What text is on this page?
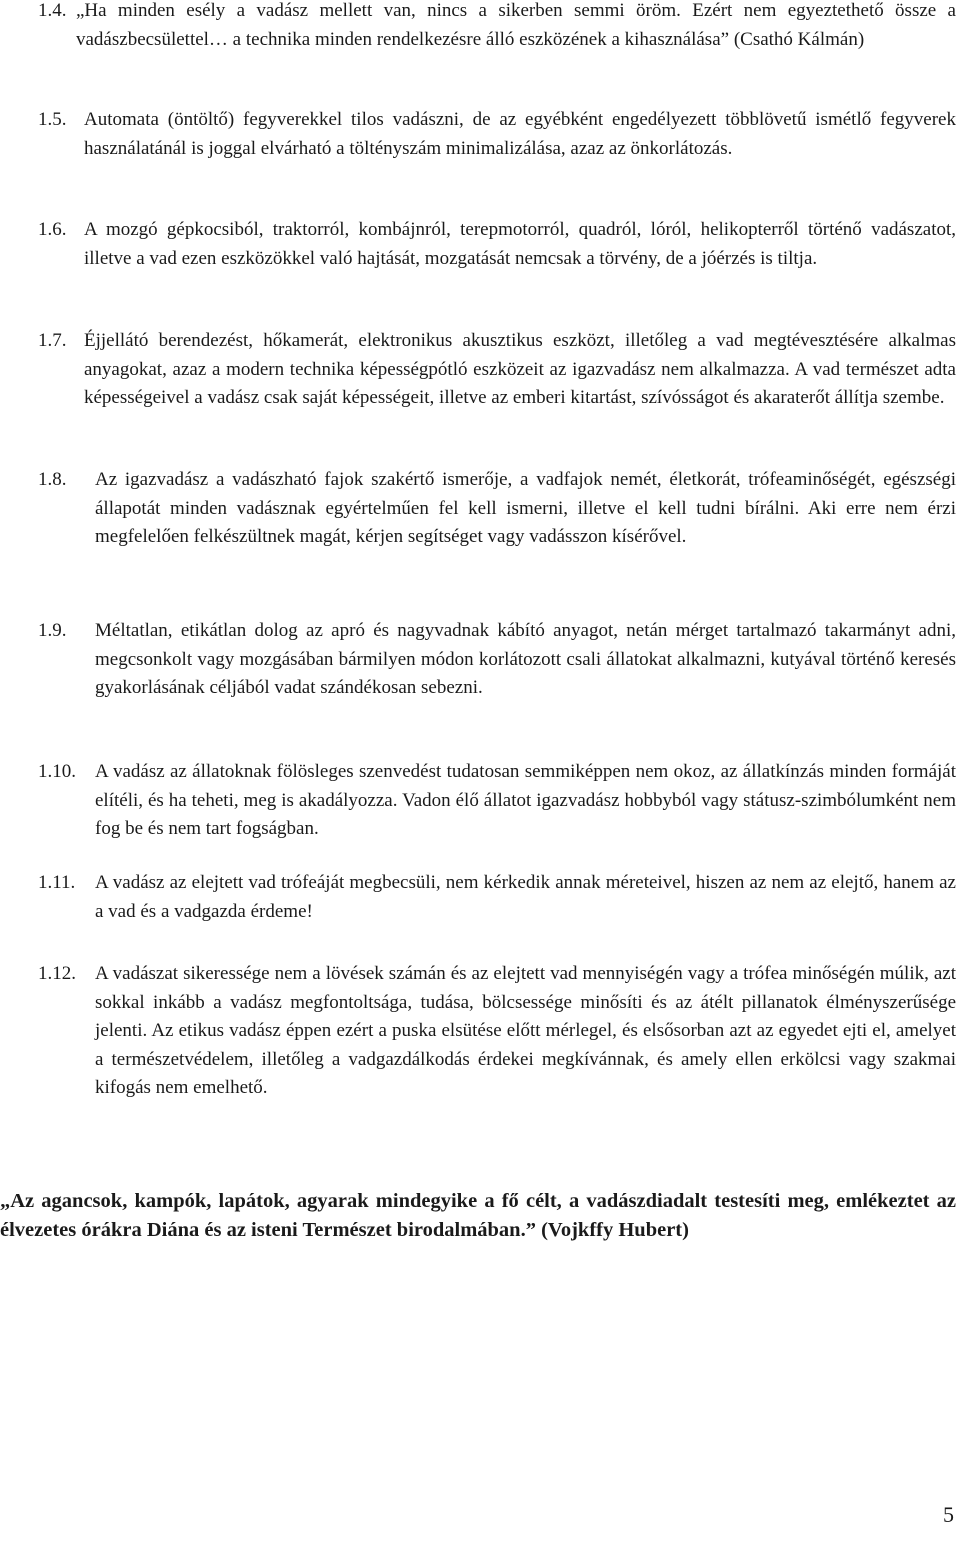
1.4. „Ha minden esély a vadász mellett van, nincs a sikerben semmi öröm. Ezért nem egyeztethető össze a vadászbecsülettel… a technika minden rendelkezésre álló eszközének a kihasználása” (Csathó Kálmán)
1.5. Automata (öntöltő) fegyverekkel tilos vadászni, de az egyébként engedélyezett többlövetű ismétlő fegyverek használatánál is joggal elvárható a töltényszám minimalizálása, azaz az önkorlátozás.
1.6. A mozgó gépkocsiból, traktorról, kombájnról, terepmotorról, quadról, lóról, helikopterről történő vadászatot, illetve a vad ezen eszközökkel való hajtását, mozgatását nemcsak a törvény, de a jóérzés is tiltja.
1.7. Éjjellátó berendezést, hőkamerát, elektronikus akusztikus eszközt, illetőleg a vad megtévesztésére alkalmas anyagokat, azaz a modern technika képességpótló eszközeit az igazvadász nem alkalmazza. A vad természet adta képességeivel a vadász csak saját képességeit, illetve az emberi kitartást, szívósságot és akaraterőt állítja szembe.
1.8. Az igazvadász a vadászható fajok szakértő ismerője, a vadfajok nemét, életkorát, trófeaminőségét, egészségi állapotát minden vadásznak egyértelműen fel kell ismerni, illetve el kell tudni bírálni. Aki erre nem érzi megfelelően felkészültnek magát, kérjen segítséget vagy vadásszon kísérővel.
1.9. Méltatlan, etikátlan dolog az apró és nagyvadnak kábító anyagot, netán mérget tartalmazó takarmányt adni, megcsonkolt vagy mozgásában bármilyen módon korlátozott csali állatokat alkalmazni, kutyával történő keresés gyakorlásának céljából vadat szándékosan sebezni.
1.10. A vadász az állatoknak fölösleges szenvedést tudatosan semmiképpen nem okoz, az állatkínzás minden formáját elítéli, és ha teheti, meg is akadályozza. Vadon élő állatot igazvadász hobbyból vagy státusz-szimbólumként nem fog be és nem tart fogságban.
1.11. A vadász az elejtett vad trófeáját megbecsüli, nem kérkedik annak méreteivel, hiszen az nem az elejtő, hanem az a vad és a vadgazda érdeme!
1.12. A vadászat sikeressége nem a lövések számán és az elejtett vad mennyiségén vagy a trófea minőségén múlik, azt sokkal inkább a vadász megfontoltsága, tudása, bölcsessége minősíti és az átélt pillanatok élményszerűsége jelenti. Az etikus vadász éppen ezért a puska elsütése előtt mérlegel, és elsősorban azt az egyedet ejti el, amelyet a természetvédelem, illetőleg a vadgazdálkodás érdekei megkívánnak, és amely ellen erkölcsi vagy szakmai kifogás nem emelhető.
„Az agancsok, kampók, lapátok, agyarak mindegyike a fő célt, a vadászdiadalt testesíti meg, emlékeztet az élvezetes órákra Diána és az isteni Természet birodalmában.” (Vojkffy Hubert)
5
